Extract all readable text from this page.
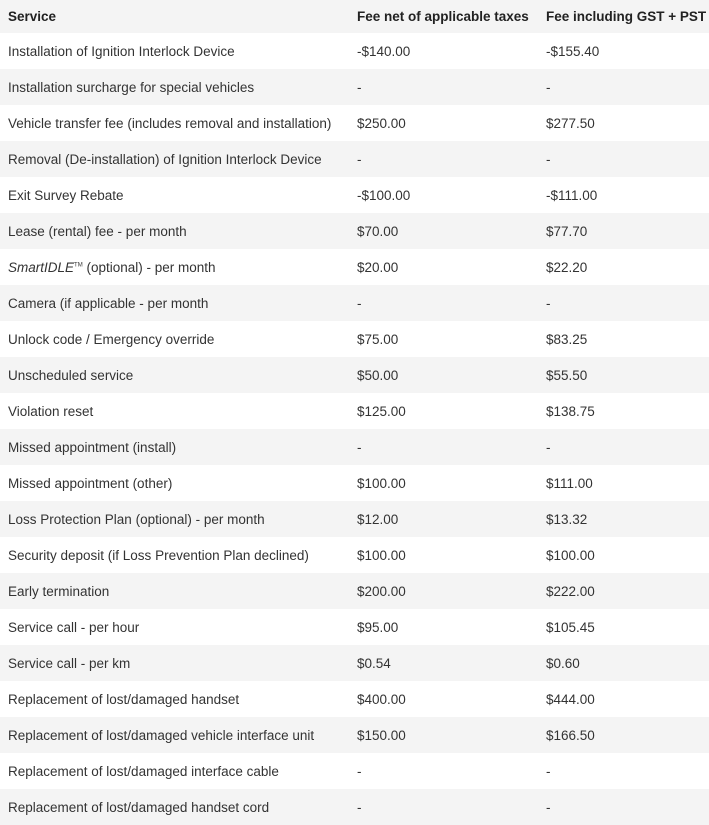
Service	Fee net of applicable taxes	Fee including GST + PST
Installation of Ignition Interlock Device	-$140.00	-$155.40
Installation surcharge for special vehicles	-	-
Vehicle transfer fee (includes removal and installation)	$250.00	$277.50
Removal (De-installation) of Ignition Interlock Device	-	-
Exit Survey Rebate	-$100.00	-$111.00
Lease (rental) fee - per month	$70.00	$77.70
SmartIDLE™ (optional) - per month	$20.00	$22.20
Camera (if applicable - per month	-	-
Unlock code / Emergency override	$75.00	$83.25
Unscheduled service	$50.00	$55.50
Violation reset	$125.00	$138.75
Missed appointment (install)	-	-
Missed appointment (other)	$100.00	$111.00
Loss Protection Plan (optional) - per month	$12.00	$13.32
Security deposit (if Loss Prevention Plan declined)	$100.00	$100.00
Early termination	$200.00	$222.00
Service call - per hour	$95.00	$105.45
Service call - per km	$0.54	$0.60
Replacement of lost/damaged handset	$400.00	$444.00
Replacement of lost/damaged vehicle interface unit	$150.00	$166.50
Replacement of lost/damaged interface cable	-	-
Replacement of lost/damaged handset cord	-	-
